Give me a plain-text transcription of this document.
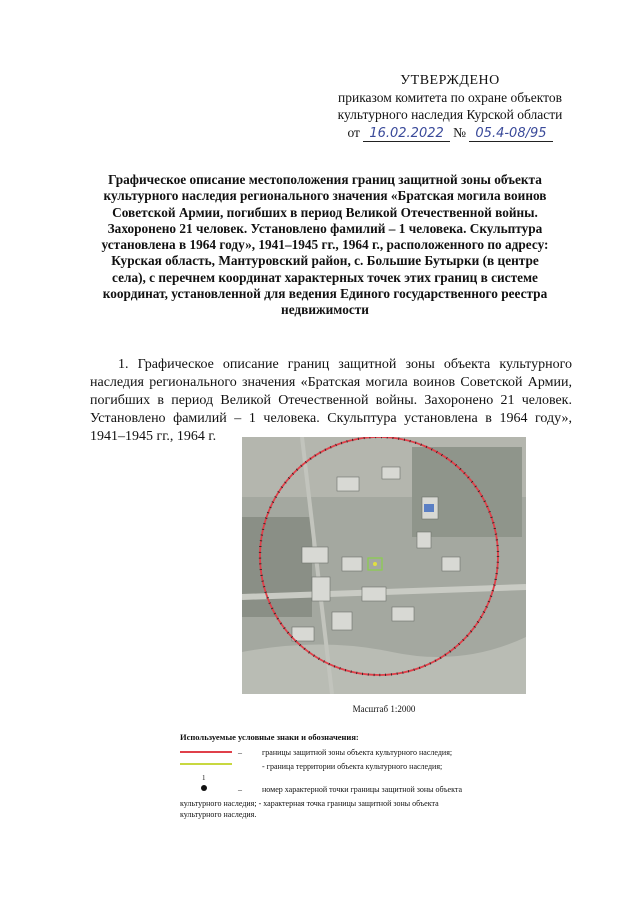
УТВЕРЖДЕНО
приказом комитета по охране объектов
культурного наследия Курской области
от 16.02.2022 № 05.4-08/95
Графическое описание местоположения границ защитной зоны объекта культурного наследия регионального значения «Братская могила воинов Советской Армии, погибших в период Великой Отечественной войны. Захоронено 21 человек. Установлено фамилий – 1 человека. Скульптура установлена в 1964 году», 1941–1945 гг., 1964 г., расположенного по адресу: Курская область, Мантуровский район, с. Большие Бутырки (в центре села), с перечнем координат характерных точек этих границ в системе координат, установленной для ведения Единого государственного реестра недвижимости
1. Графическое описание границ защитной зоны объекта культурного наследия регионального значения «Братская могила воинов Советской Армии, погибших в период Великой Отечественной войны. Захоронено 21 человек. Установлено фамилий – 1 человека. Скульптура установлена в 1964 году», 1941–1945 гг., 1964 г.
Масштаб 1:2000
Используемые условные знаки и обозначения:
–	границы защитной зоны объекта культурного наследия;
- граница территории объекта культурного наследия;
1
–	номер характерной точки границы защитной зоны объекта
культурного наследия; - характерная точка границы защитной зоны объекта культурного наследия.
